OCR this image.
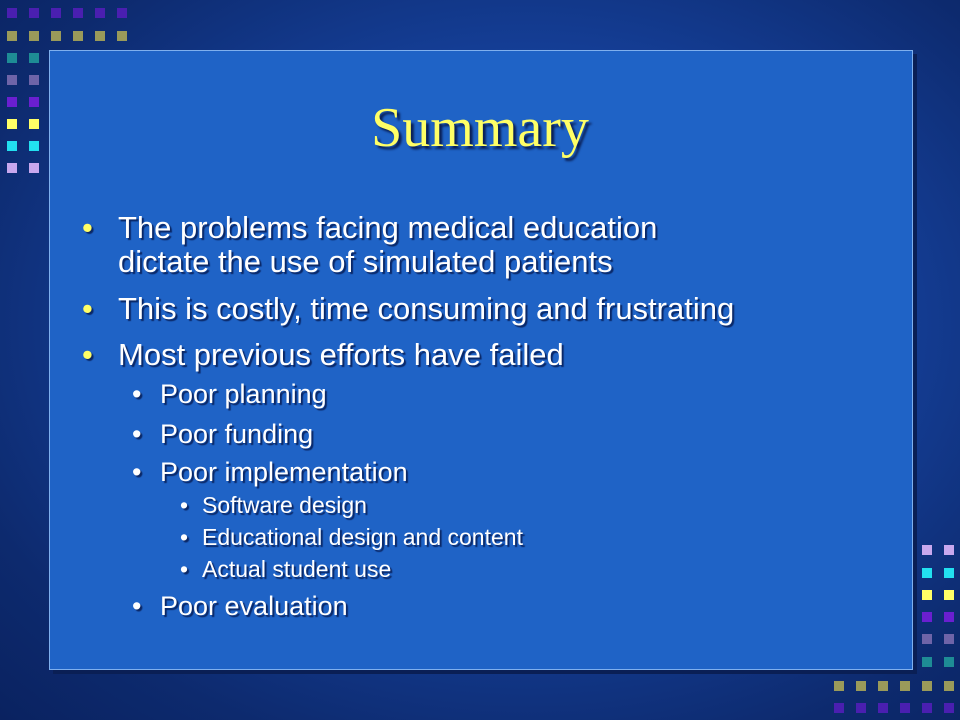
Summary
• The problems facing medical education
dictate the use of simulated patients
• This is costly, time consuming and frustrating
• Most previous efforts have failed
• Poor planning
• Poor funding
• Poor implementation
• Software design
• Educational design and content
• Actual student use
• Poor evaluation
